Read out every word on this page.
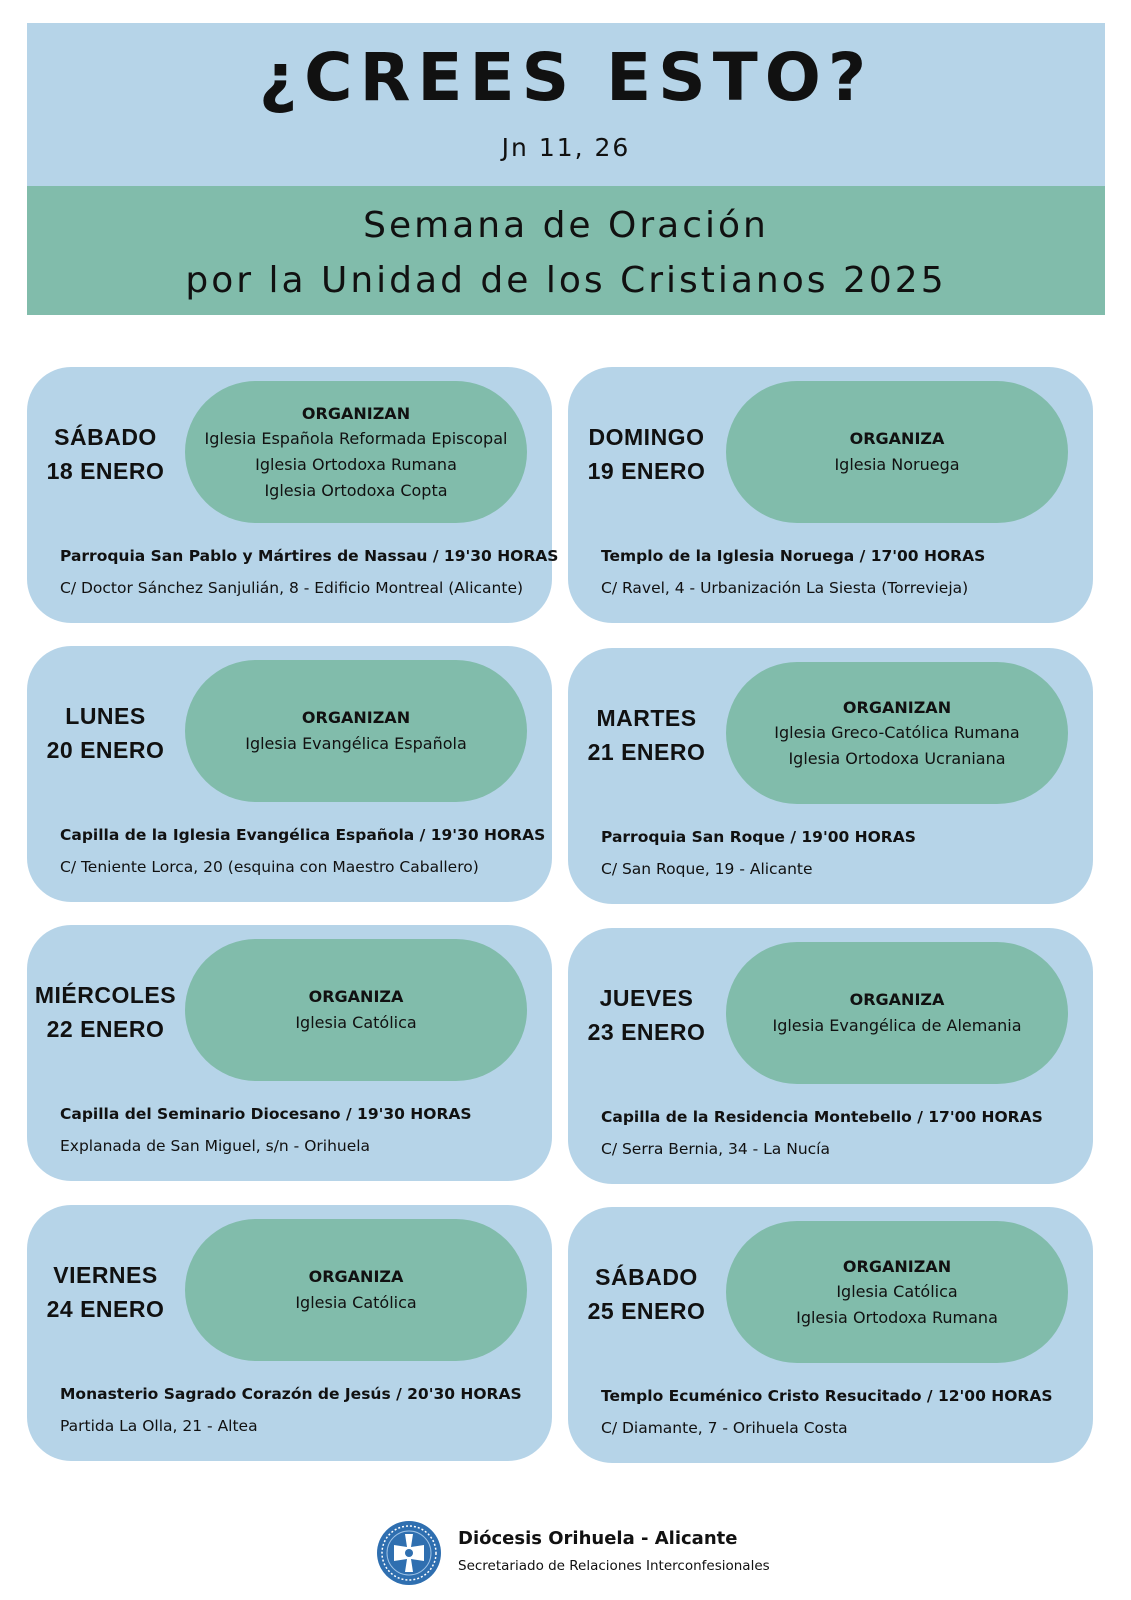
¿CREES ESTO?
Jn 11, 26
Semana de Oración
por la Unidad de los Cristianos 2025
SÁBADO
18 ENERO
ORGANIZAN
Iglesia Española Reformada Episcopal
Iglesia Ortodoxa Rumana
Iglesia Ortodoxa Copta
Parroquia San Pablo y Mártires de Nassau / 19'30 HORAS
C/ Doctor Sánchez Sanjulián, 8 - Edificio Montreal (Alicante)
DOMINGO
19 ENERO
ORGANIZA
Iglesia Noruega
Templo de la Iglesia Noruega / 17'00 HORAS
C/ Ravel, 4 - Urbanización La Siesta (Torrevieja)
LUNES
20 ENERO
ORGANIZAN
Iglesia Evangélica Española
Capilla de la Iglesia Evangélica Española / 19'30 HORAS
C/ Teniente Lorca, 20 (esquina con Maestro Caballero)
MARTES
21 ENERO
ORGANIZAN
Iglesia Greco-Católica Rumana
Iglesia Ortodoxa Ucraniana
Parroquia San Roque / 19'00 HORAS
C/ San Roque, 19 - Alicante
MIÉRCOLES
22 ENERO
ORGANIZA
Iglesia Católica
Capilla del Seminario Diocesano / 19'30 HORAS
Explanada de San Miguel, s/n - Orihuela
JUEVES
23 ENERO
ORGANIZA
Iglesia Evangélica de Alemania
Capilla de la Residencia Montebello / 17'00 HORAS
C/ Serra Bernia, 34 - La Nucía
VIERNES
24 ENERO
ORGANIZA
Iglesia Católica
Monasterio Sagrado Corazón de Jesús / 20'30 HORAS
Partida La Olla, 21 - Altea
SÁBADO
25 ENERO
ORGANIZAN
Iglesia Católica
Iglesia Ortodoxa Rumana
Templo Ecuménico Cristo Resucitado / 12'00 HORAS
C/ Diamante, 7 - Orihuela Costa
Diócesis Orihuela - Alicante
Secretariado de Relaciones Interconfesionales
